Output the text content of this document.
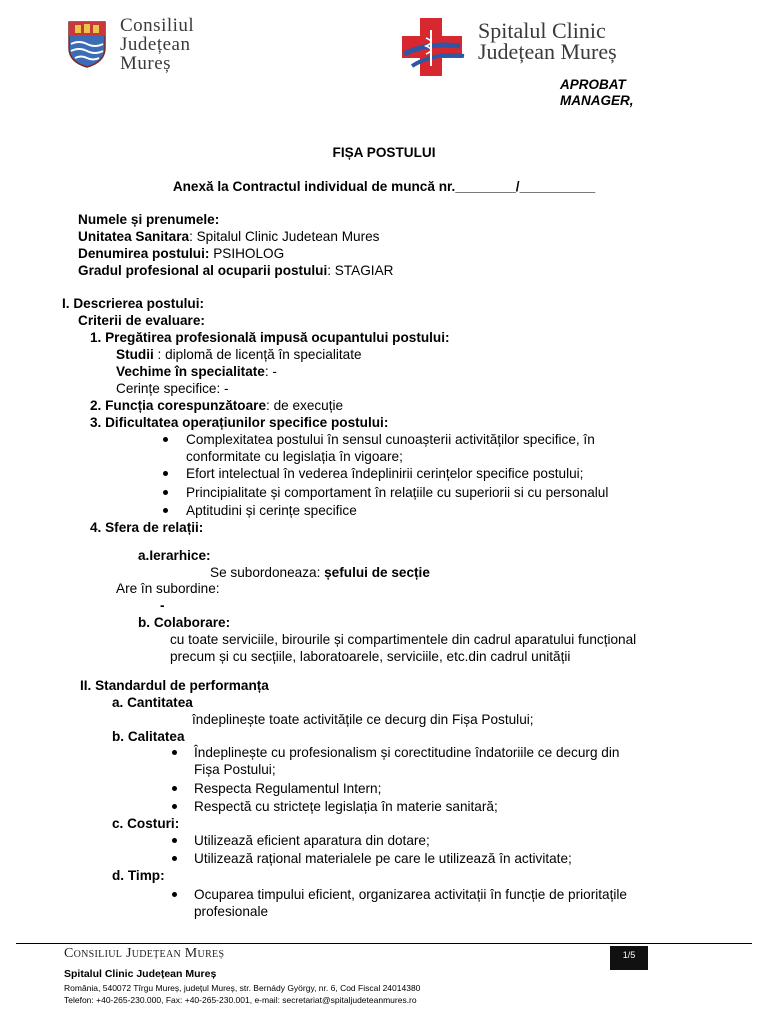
Consiliul
Județean
Mureș
Spitalul Clinic
Județean Mureș
APROBAT
MANAGER,
FIȘA POSTULUI
Anexă la Contractul individual de muncă nr.________/__________
Numele și prenumele:
Unitatea Sanitara: Spitalul Clinic Judetean Mures
Denumirea postului: PSIHOLOG
Gradul profesional al ocuparii postului: STAGIAR
I. Descrierea postului:
Criterii de evaluare:
1. Pregătirea profesională impusă ocupantului postului:
Studii : diplomă de licență în specialitate
Vechime în specialitate: -
Cerințe specifice: -
2. Funcția corespunzătoare: de execuție
3. Dificultatea operațiunilor specifice postului:
Complexitatea postului în sensul cunoașterii activităților specifice, în
conformitate cu legislația în vigoare;
Efort intelectual în vederea îndeplinirii cerințelor specifice postului;
Principialitate și comportament în relațiile cu superiorii si cu personalul
Aptitudini și cerințe specifice
4. Sfera de relații:
a.Ierarhice:
Se subordoneaza: șefului de secție
Are în subordine:
-
b. Colaborare:
cu toate serviciile, birourile și compartimentele din cadrul aparatului funcțional
precum și cu secțiile, laboratoarele, serviciile, etc.din cadrul unității
II. Standardul de performanța
a. Cantitatea
îndeplinește toate activitățile ce decurg din Fișa Postului;
b. Calitatea
Îndeplinește cu profesionalism și corectitudine îndatoriile ce decurg din
Fișa Postului;
Respecta Regulamentul Intern;
Respectă cu strictețe legislația în materie sanitară;
c. Costuri:
Utilizează eficient aparatura din dotare;
Utilizează rațional materialele pe care le utilizează în activitate;
d. Timp:
Ocuparea timpului eficient, organizarea activitații în funcție de prioritațile
profesionale
Consiliul Județean Mureș	1/5
Spitalul Clinic Județean Mureș
România, 540072 Tîrgu Mureș, județul Mureș, str. Bernády György, nr. 6, Cod Fiscal 24014380
Telefon: +40-265-230.000, Fax: +40-265-230.001, e-mail: secretariat@spitaljudeteanmures.ro
